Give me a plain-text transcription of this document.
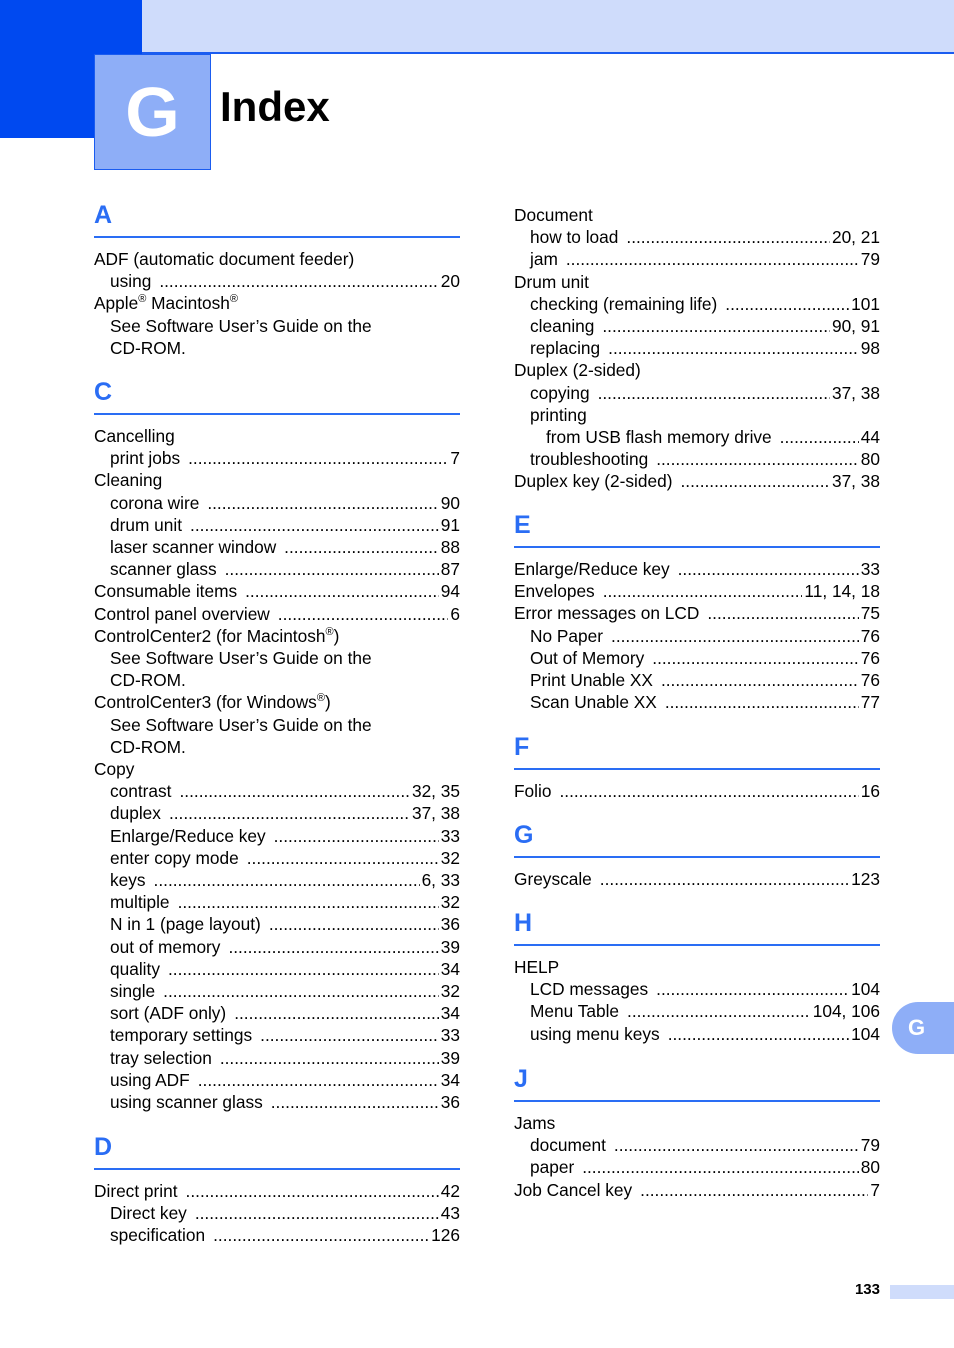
G Index
A
ADF (automatic document feeder)
using .....	20
Apple® Macintosh®
See Software User’s Guide on the
CD-ROM.
C
Cancelling
print jobs .....	7
Cleaning
corona wire .....	90
drum unit .....	91
laser scanner window .....	88
scanner glass .....	87
Consumable items .....	94
Control panel overview .....	6
ControlCenter2 (for Macintosh®)
See Software User’s Guide on the
CD-ROM.
ControlCenter3 (for Windows®)
See Software User’s Guide on the
CD-ROM.
Copy
contrast .....	32, 35
duplex .....	37, 38
Enlarge/Reduce key .....	33
enter copy mode .....	32
keys .....	6, 33
multiple .....	32
N in 1 (page layout) .....	36
out of memory .....	39
quality .....	34
single .....	32
sort (ADF only) .....	34
temporary settings .....	33
tray selection .....	39
using ADF .....	34
using scanner glass .....	36
D
Direct print .....	42
Direct key .....	43
specification .....	126
Document
how to load .....	20, 21
jam .....	79
Drum unit
checking (remaining life) .....	101
cleaning .....	90, 91
replacing .....	98
Duplex (2-sided)
copying .....	37, 38
printing
from USB flash memory drive .....	44
troubleshooting .....	80
Duplex key (2-sided) .....	37, 38
E
Enlarge/Reduce key .....	33
Envelopes .....	11, 14, 18
Error messages on LCD .....	75
No Paper .....	76
Out of Memory .....	76
Print Unable XX .....	76
Scan Unable XX .....	77
F
Folio .....	16
G
Greyscale .....	123
H
HELP
LCD messages .....	104
Menu Table .....	104, 106
using menu keys .....	104
J
Jams
document .....	79
paper .....	80
Job Cancel key .....	7
G
133
